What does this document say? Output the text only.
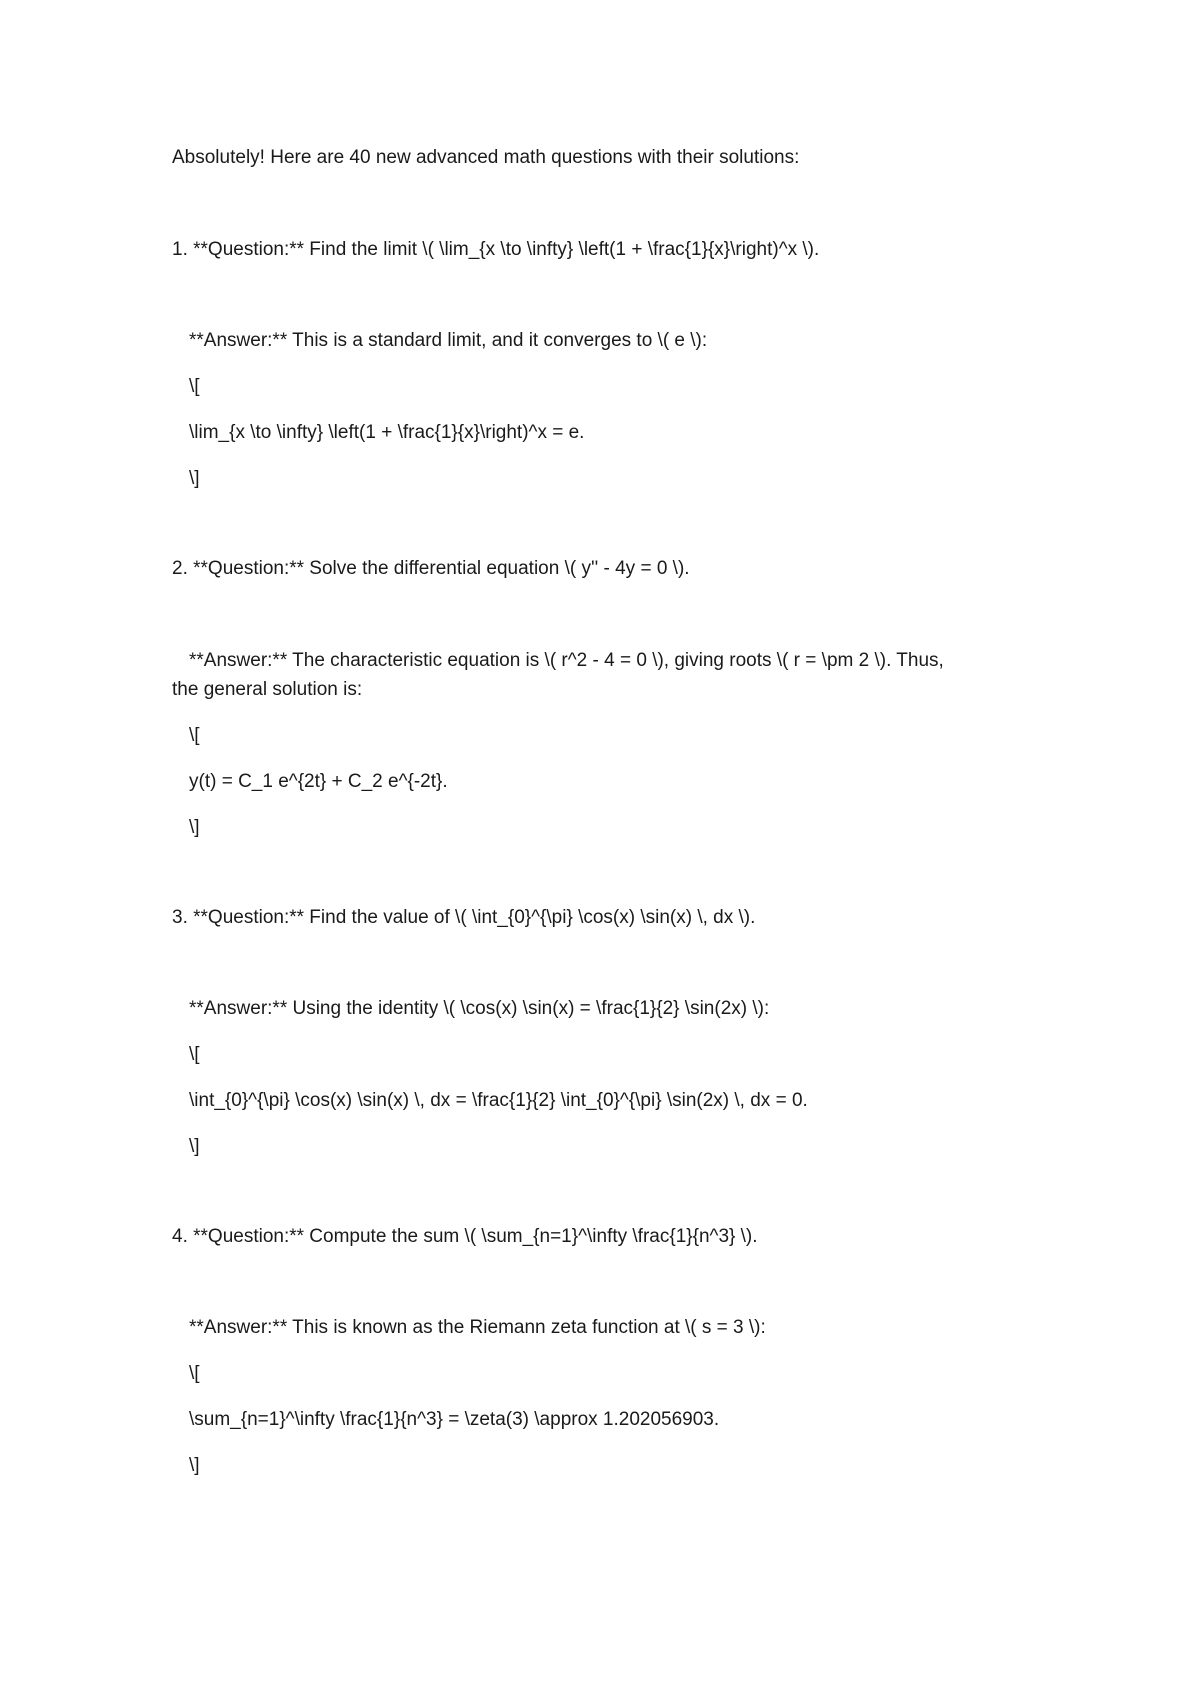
Absolutely! Here are 40 new advanced math questions with their solutions:
1. **Question:** Find the limit \( \lim_{x \to \infty} \left(1 + \frac{1}{x}\right)^x \).
**Answer:** This is a standard limit, and it converges to \( e \):
\[
\lim_{x \to \infty} \left(1 + \frac{1}{x}\right)^x = e.
\]
2. **Question:** Solve the differential equation \( y'' - 4y = 0 \).
**Answer:** The characteristic equation is \( r^2 - 4 = 0 \), giving roots \( r = \pm 2 \). Thus,
the general solution is:
\[
y(t) = C_1 e^{2t} + C_2 e^{-2t}.
\]
3. **Question:** Find the value of \( \int_{0}^{\pi} \cos(x) \sin(x) \, dx \).
**Answer:** Using the identity \( \cos(x) \sin(x) = \frac{1}{2} \sin(2x) \):
\[
\int_{0}^{\pi} \cos(x) \sin(x) \, dx = \frac{1}{2} \int_{0}^{\pi} \sin(2x) \, dx = 0.
\]
4. **Question:** Compute the sum \( \sum_{n=1}^\infty \frac{1}{n^3} \).
**Answer:** This is known as the Riemann zeta function at \( s = 3 \):
\[
\sum_{n=1}^\infty \frac{1}{n^3} = \zeta(3) \approx 1.202056903.
\]
